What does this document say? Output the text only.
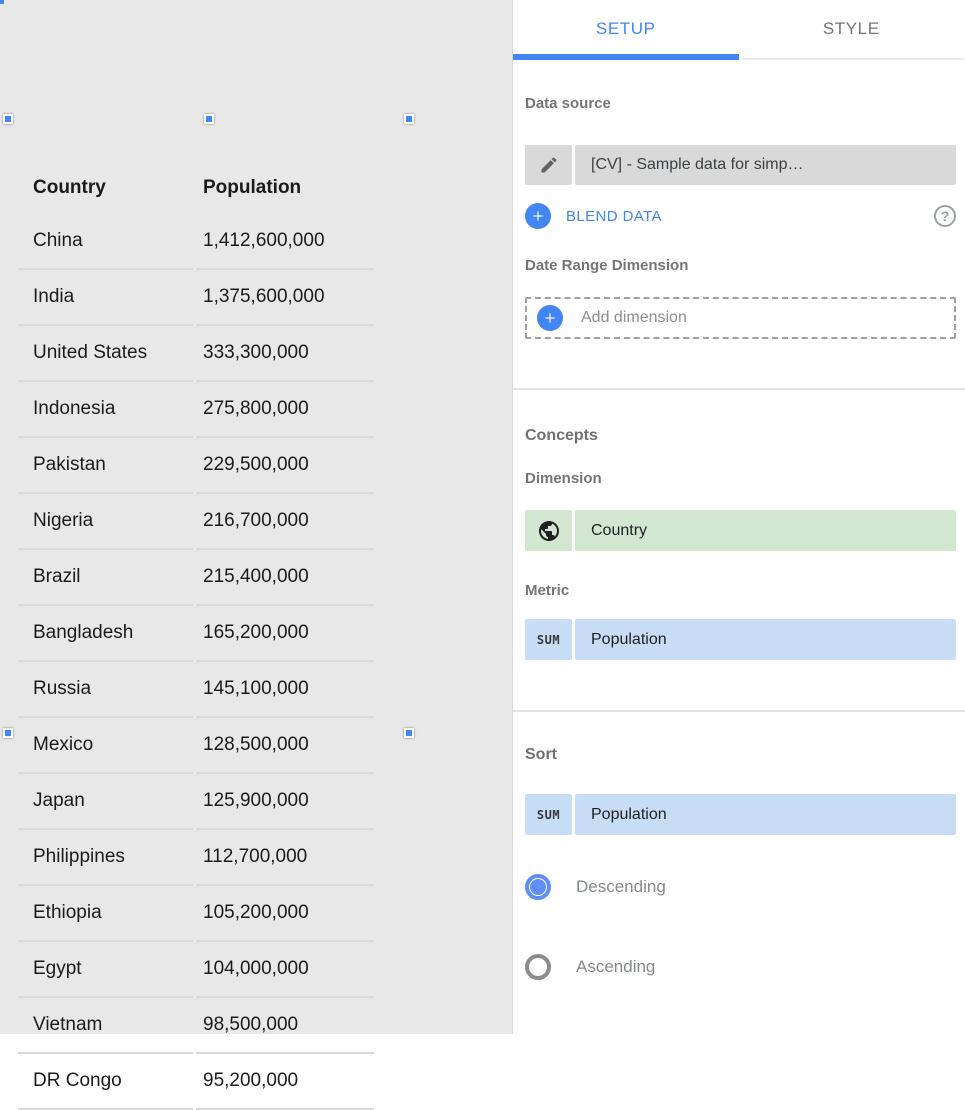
Country	Population
China	1,412,600,000
India	1,375,600,000
United States	333,300,000
Indonesia	275,800,000
Pakistan	229,500,000
Nigeria	216,700,000
Brazil	215,400,000
Bangladesh	165,200,000
Russia	145,100,000
Mexico	128,500,000
Japan	125,900,000
Philippines	112,700,000
Ethiopia	105,200,000
Egypt	104,000,000
Vietnam	98,500,000
DR Congo	95,200,000
SETUP	STYLE
Data source
[CV] - Sample data for simp…
BLEND DATA	?
Date Range Dimension
Add dimension
Concepts
Dimension
Country
Metric
SUM	Population
Sort
SUM	Population
Descending
Ascending
